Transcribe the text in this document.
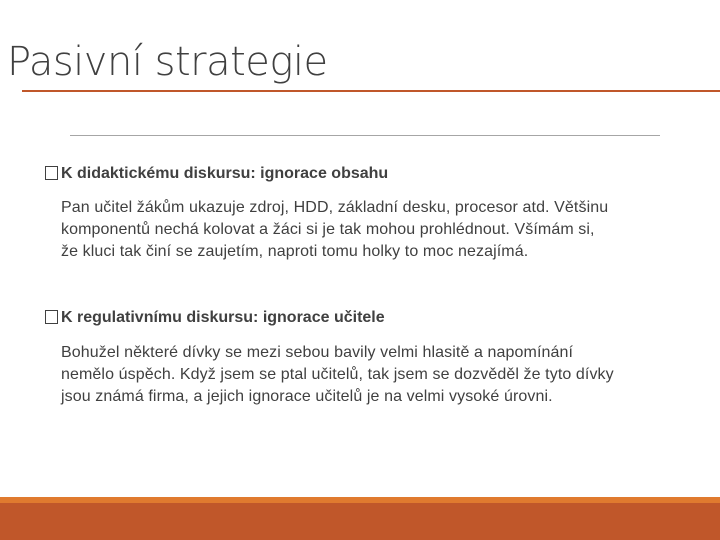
Pasivní strategie
K didaktickému diskursu: ignorace obsahu
Pan učitel žákům ukazuje zdroj, HDD, základní desku, procesor atd. Většinu
komponentů nechá kolovat a žáci si je tak mohou prohlédnout. Všímám si,
že kluci tak činí se zaujetím, naproti tomu holky to moc nezajímá.
K regulativnímu diskursu: ignorace učitele
Bohužel některé dívky se mezi sebou bavily velmi hlasitě a napomínání
nemělo úspěch. Když jsem se ptal učitelů, tak jsem se dozvěděl že tyto dívky
jsou známá firma, a jejich ignorace učitelů je na velmi vysoké úrovni.
